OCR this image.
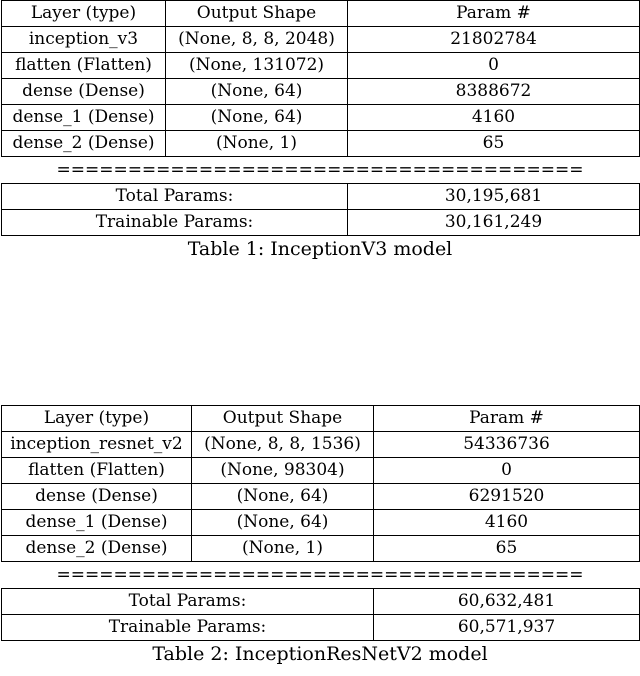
Layer (type)	Output Shape	Param #
inception_v3	(None, 8, 8, 2048)	21802784
flatten (Flatten)	(None, 131072)	0
dense (Dense)	(None, 64)	8388672
dense_1 (Dense)	(None, 64)	4160
dense_2 (Dense)	(None, 1)	65
=====================================
Total Params:	30,195,681
Trainable Params:	30,161,249
Table 1: InceptionV3 model
Layer (type)	Output Shape	Param #
inception_resnet_v2	(None, 8, 8, 1536)	54336736
flatten (Flatten)	(None, 98304)	0
dense (Dense)	(None, 64)	6291520
dense_1 (Dense)	(None, 64)	4160
dense_2 (Dense)	(None, 1)	65
=====================================
Total Params:	60,632,481
Trainable Params:	60,571,937
Table 2: InceptionResNetV2 model
